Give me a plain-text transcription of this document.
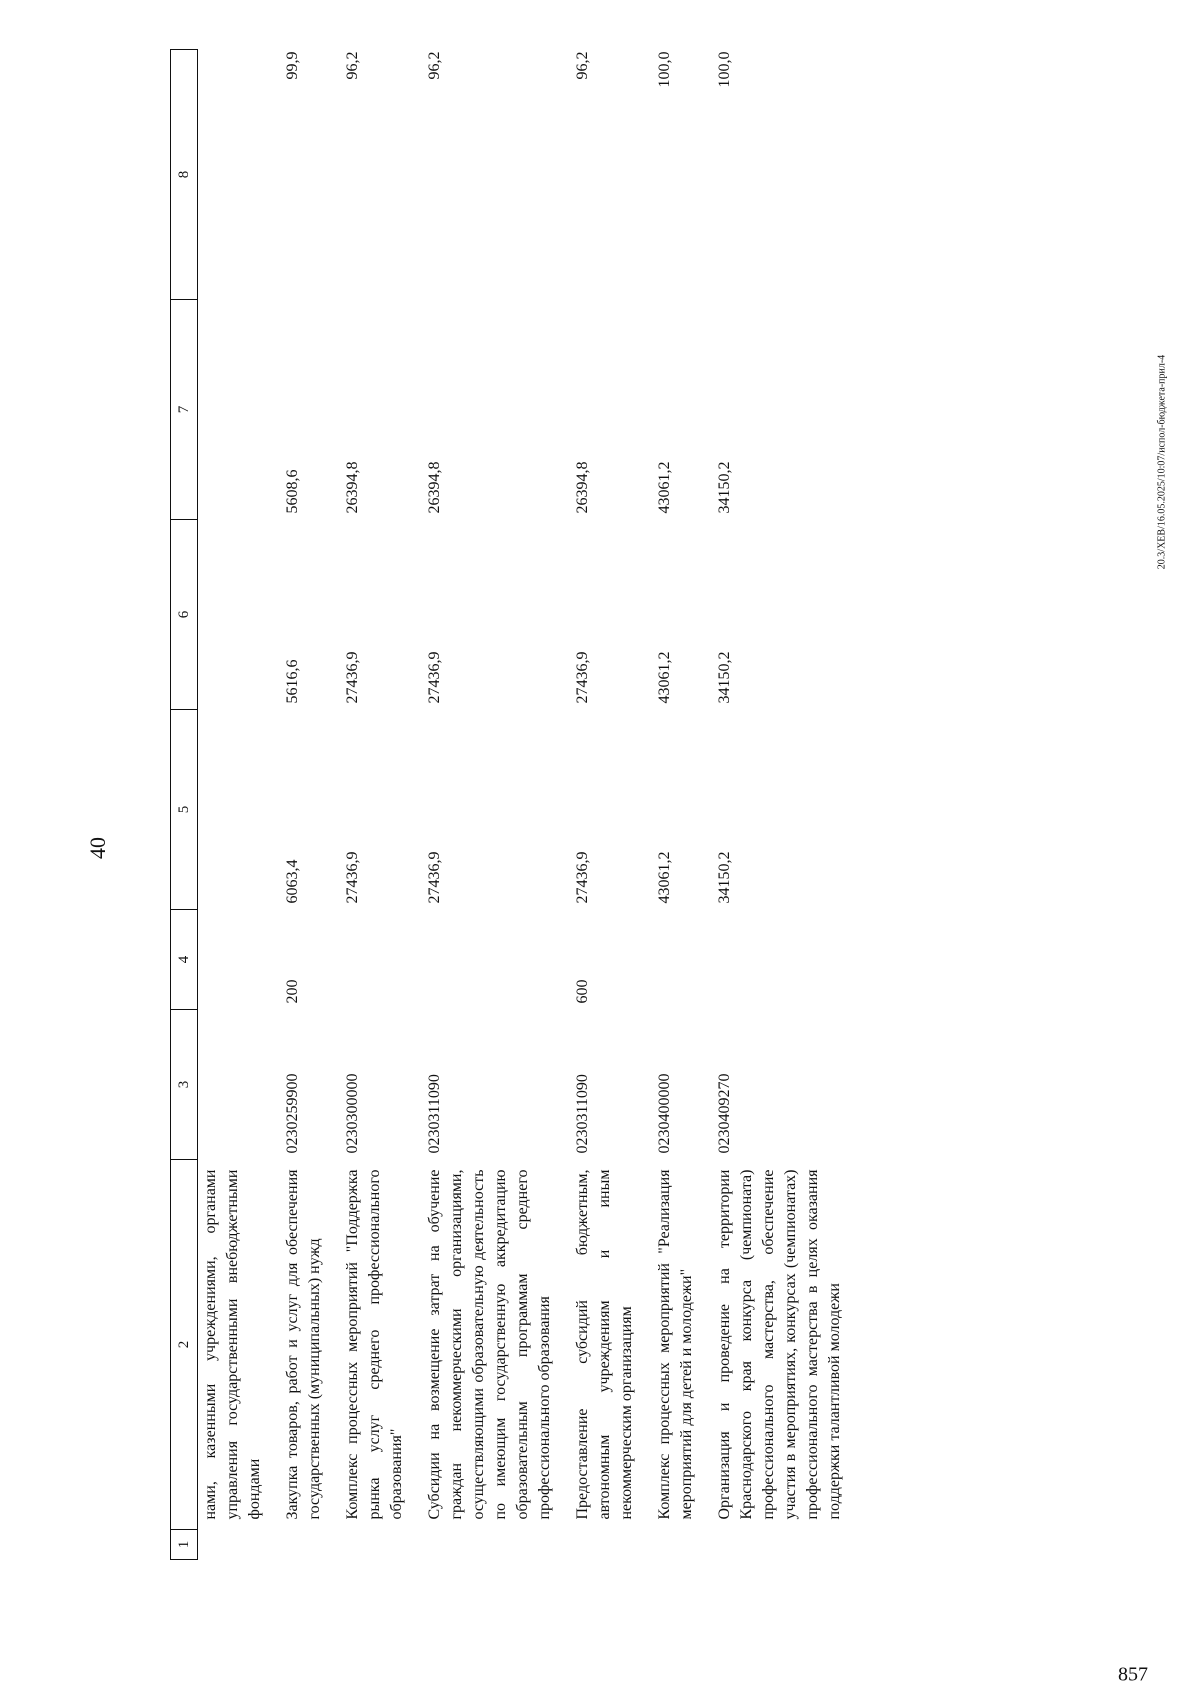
40
1	2	3	4	5	6	7	8
	нами, казенными учреждениями, органами управления государственными внебюджетными фондами						
	Закупка товаров, работ и услуг для обеспечения государственных (муниципальных) нужд	0230259900	200	6063,4	5616,6	5608,6	99,9
	Комплекс процессных мероприятий "Поддержка рынка услуг среднего профессионального образования"	0230300000		27436,9	27436,9	26394,8	96,2
	Субсидии на возмещение затрат на обучение граждан некоммерческими организациями, осуществляющими образовательную деятельность по имеющим государственную аккредитацию образовательным программам среднего профессионального образования	0230311090		27436,9	27436,9	26394,8	96,2
	Предоставление субсидий бюджетным, автономным учреждениям и иным некоммерческим организациям	0230311090	600	27436,9	27436,9	26394,8	96,2
	Комплекс процессных мероприятий "Реализация мероприятий для детей и молодежи"	0230400000		43061,2	43061,2	43061,2	100,0
	Организация и проведение на территории Краснодарского края конкурса (чемпионата) профессионального мастерства, обеспечение участия в мероприятиях, конкурсах (чемпионатах) профессионального мастерства в целях оказания поддержки талантливой молодежи	0230409270		34150,2	34150,2	34150,2	100,0
20.3/XEB/16.05.2025/10:07/испол-бюджета-прил-4
857
